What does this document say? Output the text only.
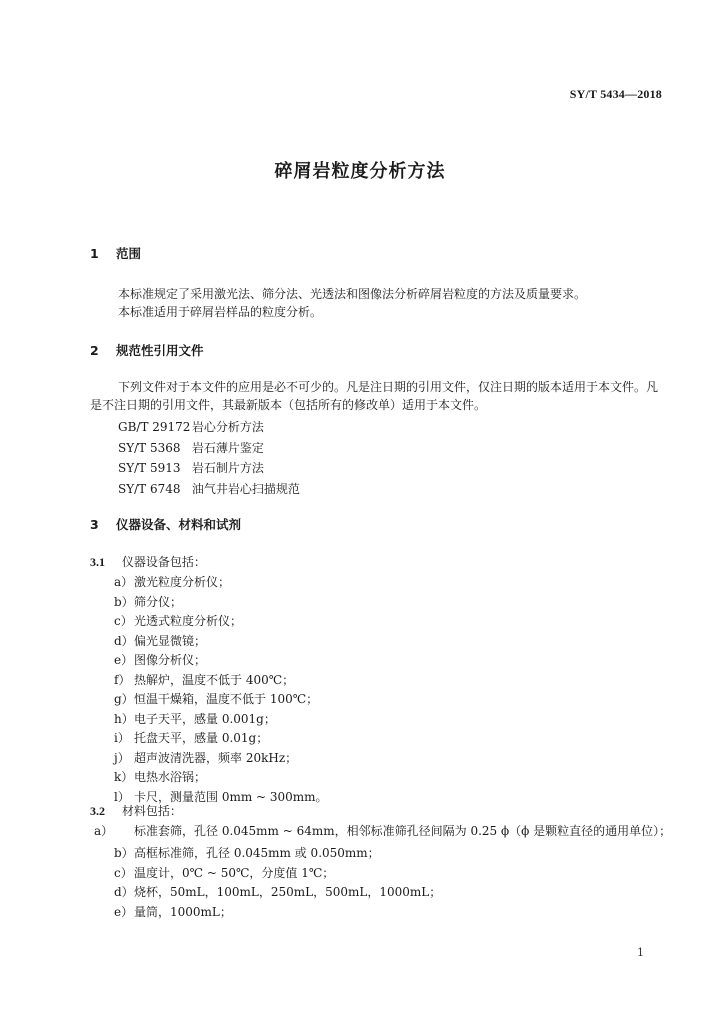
SY/T 5434—2018
碎屑岩粒度分析方法
1 范围
本标准规定了采用激光法、筛分法、光透法和图像法分析碎屑岩粒度的方法及质量要求。
本标准适用于碎屑岩样品的粒度分析。
2 规范性引用文件
下列文件对于本文件的应用是必不可少的。凡是注日期的引用文件，仅注日期的版本适用于本文件。凡是不注日期的引用文件，其最新版本（包括所有的修改单）适用于本文件。
GB/T 29172 岩心分析方法
SY/T 5368 岩石薄片鉴定
SY/T 5913 岩石制片方法
SY/T 6748 油气井岩心扫描规范
3 仪器设备、材料和试剂
3.1 仪器设备包括：
a）激光粒度分析仪；
b）筛分仪；
c）光透式粒度分析仪；
d）偏光显微镜；
e）图像分析仪；
f） 热解炉，温度不低于 400℃；
g）恒温干燥箱，温度不低于 100℃；
h）电子天平，感量 0.001g；
i） 托盘天平，感量 0.01g；
j） 超声波清洗器，频率 20kHz；
k）电热水浴锅；
l） 卡尺，测量范围 0mm ~ 300mm。
3.2 材料包括：
a） 标准套筛，孔径 0.045mm ~ 64mm，相邻标准筛孔径间隔为 0.25 ϕ（ϕ 是颗粒直径的通用单位）；
b）高框标准筛，孔径 0.045mm 或 0.050mm；
c）温度计，0℃ ~ 50℃，分度值 1℃；
d）烧杯，50mL，100mL，250mL，500mL，1000mL；
e）量筒，1000mL；
1
